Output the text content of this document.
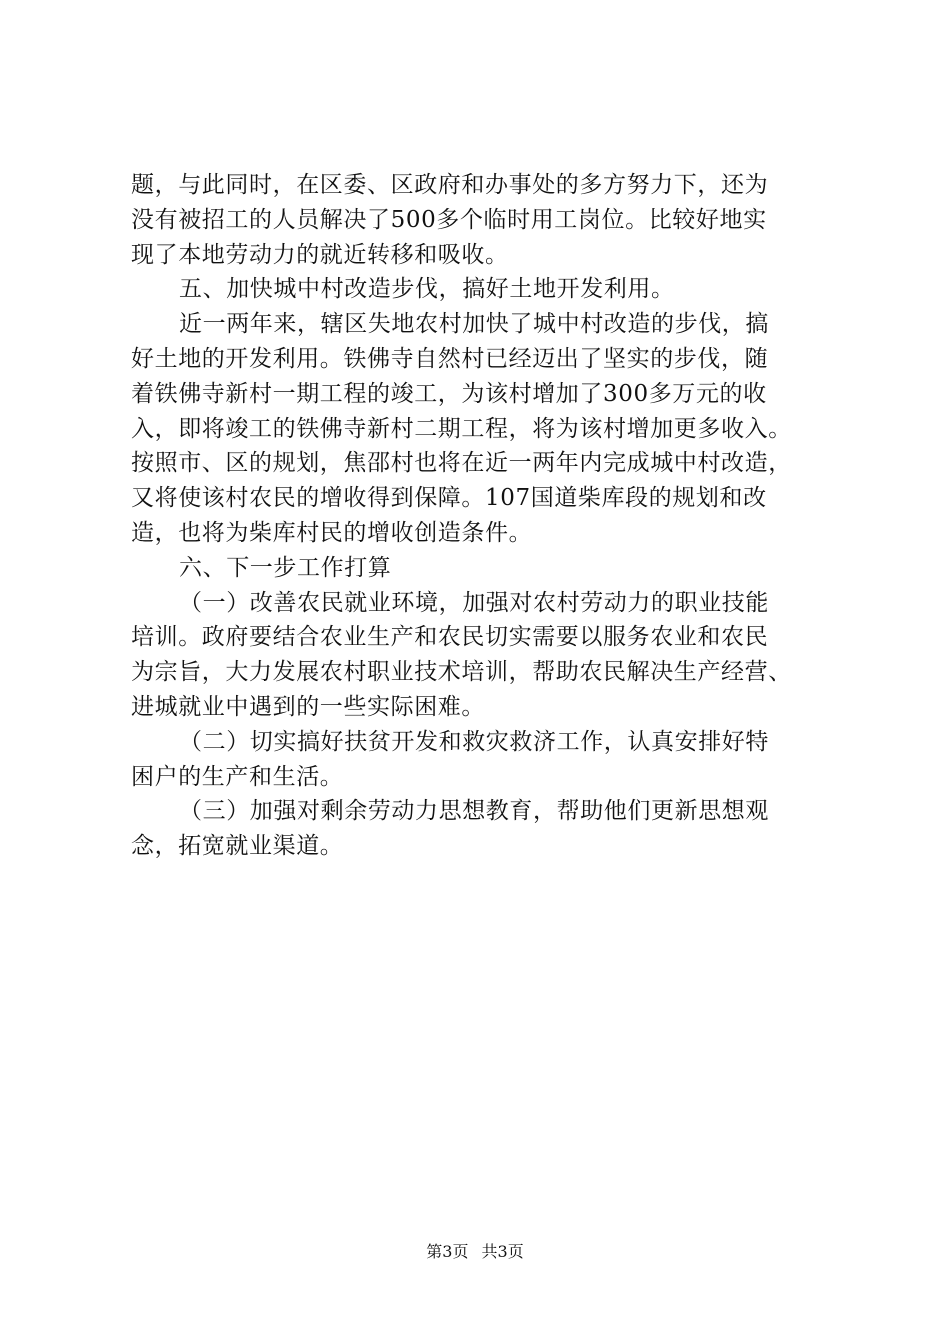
题，与此同时，在区委、区政府和办事处的多方努力下，还为
没有被招工的人员解决了500多个临时用工岗位。比较好地实
现了本地劳动力的就近转移和吸收。
五、加快城中村改造步伐，搞好土地开发利用。
近一两年来，辖区失地农村加快了城中村改造的步伐，搞
好土地的开发利用。铁佛寺自然村已经迈出了坚实的步伐，随
着铁佛寺新村一期工程的竣工，为该村增加了300多万元的收
入，即将竣工的铁佛寺新村二期工程，将为该村增加更多收入。
按照市、区的规划，焦邵村也将在近一两年内完成城中村改造，
又将使该村农民的增收得到保障。107国道柴库段的规划和改
造，也将为柴库村民的增收创造条件。
六、下一步工作打算
（一）改善农民就业环境，加强对农村劳动力的职业技能
培训。政府要结合农业生产和农民切实需要以服务农业和农民
为宗旨，大力发展农村职业技术培训，帮助农民解决生产经营、
进城就业中遇到的一些实际困难。
（二）切实搞好扶贫开发和救灾救济工作，认真安排好特
困户的生产和生活。
（三）加强对剩余劳动力思想教育，帮助他们更新思想观
念，拓宽就业渠道。
第3页 共3页
